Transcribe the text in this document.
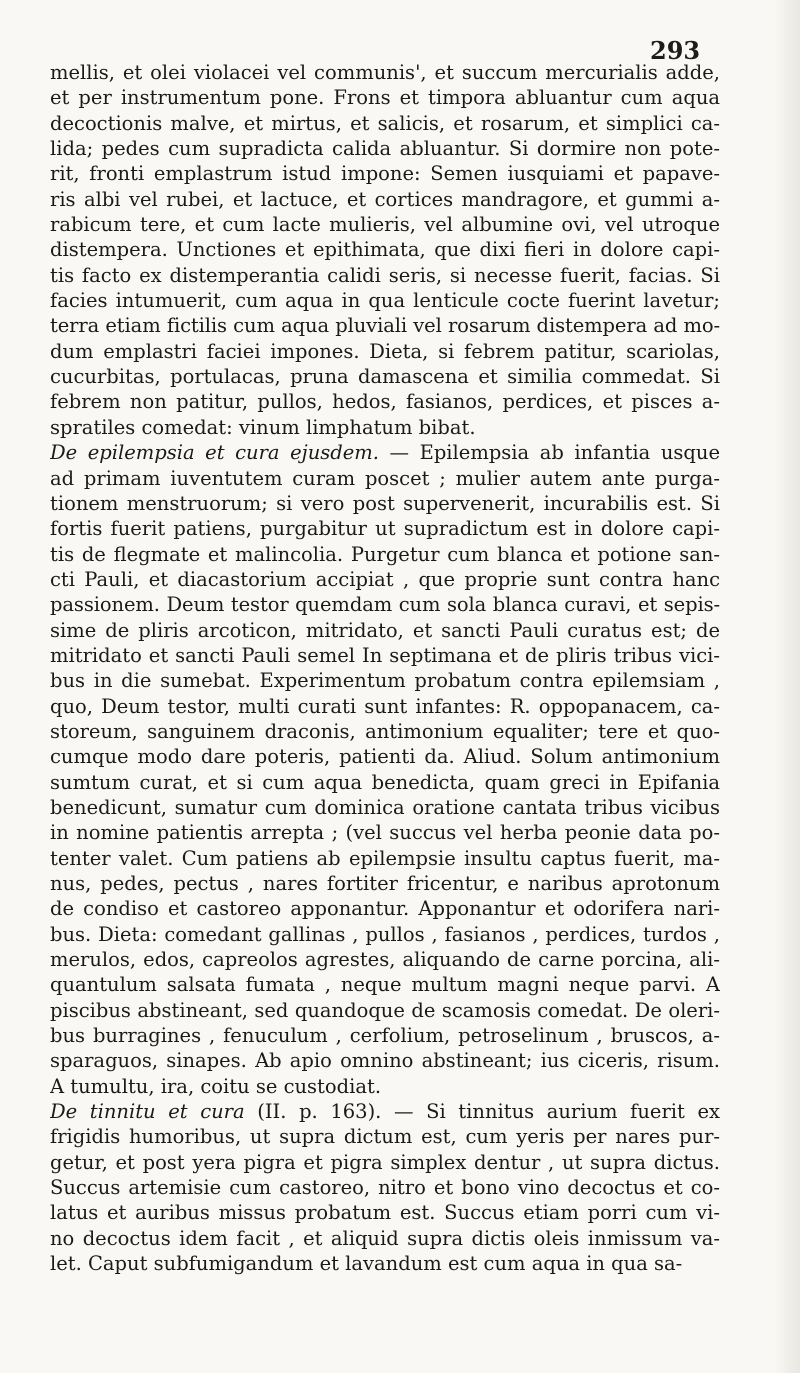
293
mellis, et olei violacei vel communis', et succum mercurialis adde,
et per instrumentum pone. Frons et timpora abluantur cum aqua
decoctionis malve, et mirtus, et salicis, et rosarum, et simplici ca-
lida; pedes cum supradicta calida abluantur. Si dormire non pote-
rit, fronti emplastrum istud impone: Semen iusquiami et papave-
ris albi vel rubei, et lactuce, et cortices mandragore, et gummi a-
rabicum tere, et cum lacte mulieris, vel albumine ovi, vel utroque
distempera. Unctiones et epithimata, que dixi fieri in dolore capi-
tis facto ex distemperantia calidi seris, si necesse fuerit, facias. Si
facies intumuerit, cum aqua in qua lenticule cocte fuerint lavetur;
terra etiam fictilis cum aqua pluviali vel rosarum distempera ad mo-
dum emplastri faciei impones. Dieta, si febrem patitur, scariolas,
cucurbitas, portulacas, pruna damascena et similia commedat. Si
febrem non patitur, pullos, hedos, fasianos, perdices, et pisces a-
spratiles comedat: vinum limphatum bibat.
De epilempsia et cura ejusdem. — Epilempsia ab infantia usque
ad primam iuventutem curam poscet ; mulier autem ante purga-
tionem menstruorum; si vero post supervenerit, incurabilis est. Si
fortis fuerit patiens, purgabitur ut supradictum est in dolore capi-
tis de flegmate et malincolia. Purgetur cum blanca et potione san-
cti Pauli, et diacastorium accipiat , que proprie sunt contra hanc
passionem. Deum testor quemdam cum sola blanca curavi, et sepis-
sime de pliris arcoticon, mitridato, et sancti Pauli curatus est; de
mitridato et sancti Pauli semel In septimana et de pliris tribus vici-
bus in die sumebat. Experimentum probatum contra epilemsiam ,
quo, Deum testor, multi curati sunt infantes: R. oppopanacem, ca-
storeum, sanguinem draconis, antimonium equaliter; tere et quo-
cumque modo dare poteris, patienti da. Aliud. Solum antimonium
sumtum curat, et si cum aqua benedicta, quam greci in Epifania
benedicunt, sumatur cum dominica oratione cantata tribus vicibus
in nomine patientis arrepta ; (vel succus vel herba peonie data po-
tenter valet. Cum patiens ab epilempsie insultu captus fuerit, ma-
nus, pedes, pectus , nares fortiter fricentur, e naribus aprotonum
de condiso et castoreo apponantur. Apponantur et odorifera nari-
bus. Dieta: comedant gallinas , pullos , fasianos , perdices, turdos ,
merulos, edos, capreolos agrestes, aliquando de carne porcina, ali-
quantulum salsata fumata , neque multum magni neque parvi. A
piscibus abstineant, sed quandoque de scamosis comedat. De oleri-
bus burragines , fenuculum , cerfolium, petroselinum , bruscos, a-
sparaguos, sinapes. Ab apio omnino abstineant; ius ciceris, risum.
A tumultu, ira, coitu se custodiat.
De tinnitu et cura (II. p. 163). — Si tinnitus aurium fuerit ex
frigidis humoribus, ut supra dictum est, cum yeris per nares pur-
getur, et post yera pigra et pigra simplex dentur , ut supra dictus.
Succus artemisie cum castoreo, nitro et bono vino decoctus et co-
latus et auribus missus probatum est. Succus etiam porri cum vi-
no decoctus idem facit , et aliquid supra dictis oleis inmissum va-
let. Caput subfumigandum et lavandum est cum aqua in qua sa-
